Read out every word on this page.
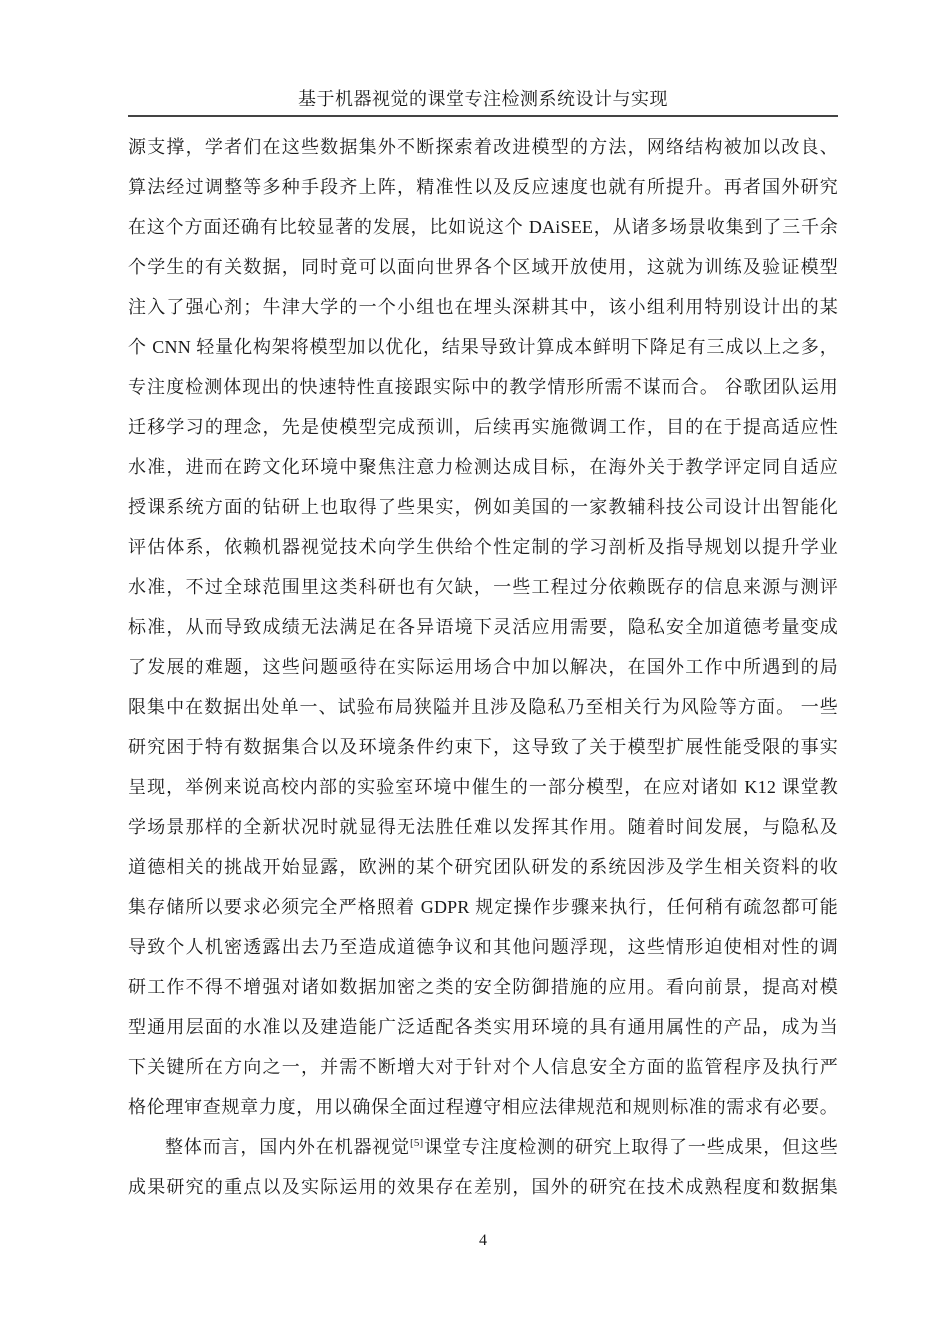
基于机器视觉的课堂专注检测系统设计与实现
源支撑，学者们在这些数据集外不断探索着改进模型的方法，网络结构被加以改良、
算法经过调整等多种手段齐上阵，精准性以及反应速度也就有所提升。再者国外研究
在这个方面还确有比较显著的发展，比如说这个 DAiSEE，从诸多场景收集到了三千余
个学生的有关数据，同时竟可以面向世界各个区域开放使用，这就为训练及验证模型
注入了强心剂；牛津大学的一个小组也在埋头深耕其中，该小组利用特别设计出的某
个 CNN 轻量化构架将模型加以优化，结果导致计算成本鲜明下降足有三成以上之多，
专注度检测体现出的快速特性直接跟实际中的教学情形所需不谋而合。 谷歌团队运用
迁移学习的理念，先是使模型完成预训，后续再实施微调工作，目的在于提高适应性
水准，进而在跨文化环境中聚焦注意力检测达成目标，在海外关于教学评定同自适应
授课系统方面的钻研上也取得了些果实，例如美国的一家教辅科技公司设计出智能化
评估体系，依赖机器视觉技术向学生供给个性定制的学习剖析及指导规划以提升学业
水准，不过全球范围里这类科研也有欠缺，一些工程过分依赖既存的信息来源与测评
标准，从而导致成绩无法满足在各异语境下灵活应用需要，隐私安全加道德考量变成
了发展的难题，这些问题亟待在实际运用场合中加以解决，在国外工作中所遇到的局
限集中在数据出处单一、试验布局狭隘并且涉及隐私乃至相关行为风险等方面。 一些
研究困于特有数据集合以及环境条件约束下，这导致了关于模型扩展性能受限的事实
呈现，举例来说高校内部的实验室环境中催生的一部分模型，在应对诸如 K12 课堂教
学场景那样的全新状况时就显得无法胜任难以发挥其作用。随着时间发展，与隐私及
道德相关的挑战开始显露，欧洲的某个研究团队研发的系统因涉及学生相关资料的收
集存储所以要求必须完全严格照着 GDPR 规定操作步骤来执行，任何稍有疏忽都可能
导致个人机密透露出去乃至造成道德争议和其他问题浮现，这些情形迫使相对性的调
研工作不得不增强对诸如数据加密之类的安全防御措施的应用。看向前景，提高对模
型通用层面的水准以及建造能广泛适配各类实用环境的具有通用属性的产品，成为当
下关键所在方向之一，并需不断增大对于针对个人信息安全方面的监管程序及执行严
格伦理审查规章力度，用以确保全面过程遵守相应法律规范和规则标准的需求有必要。
整体而言，国内外在机器视觉[5]课堂专注度检测的研究上取得了一些成果，但这些
成果研究的重点以及实际运用的效果存在差别，国外的研究在技术成熟程度和数据集
4
